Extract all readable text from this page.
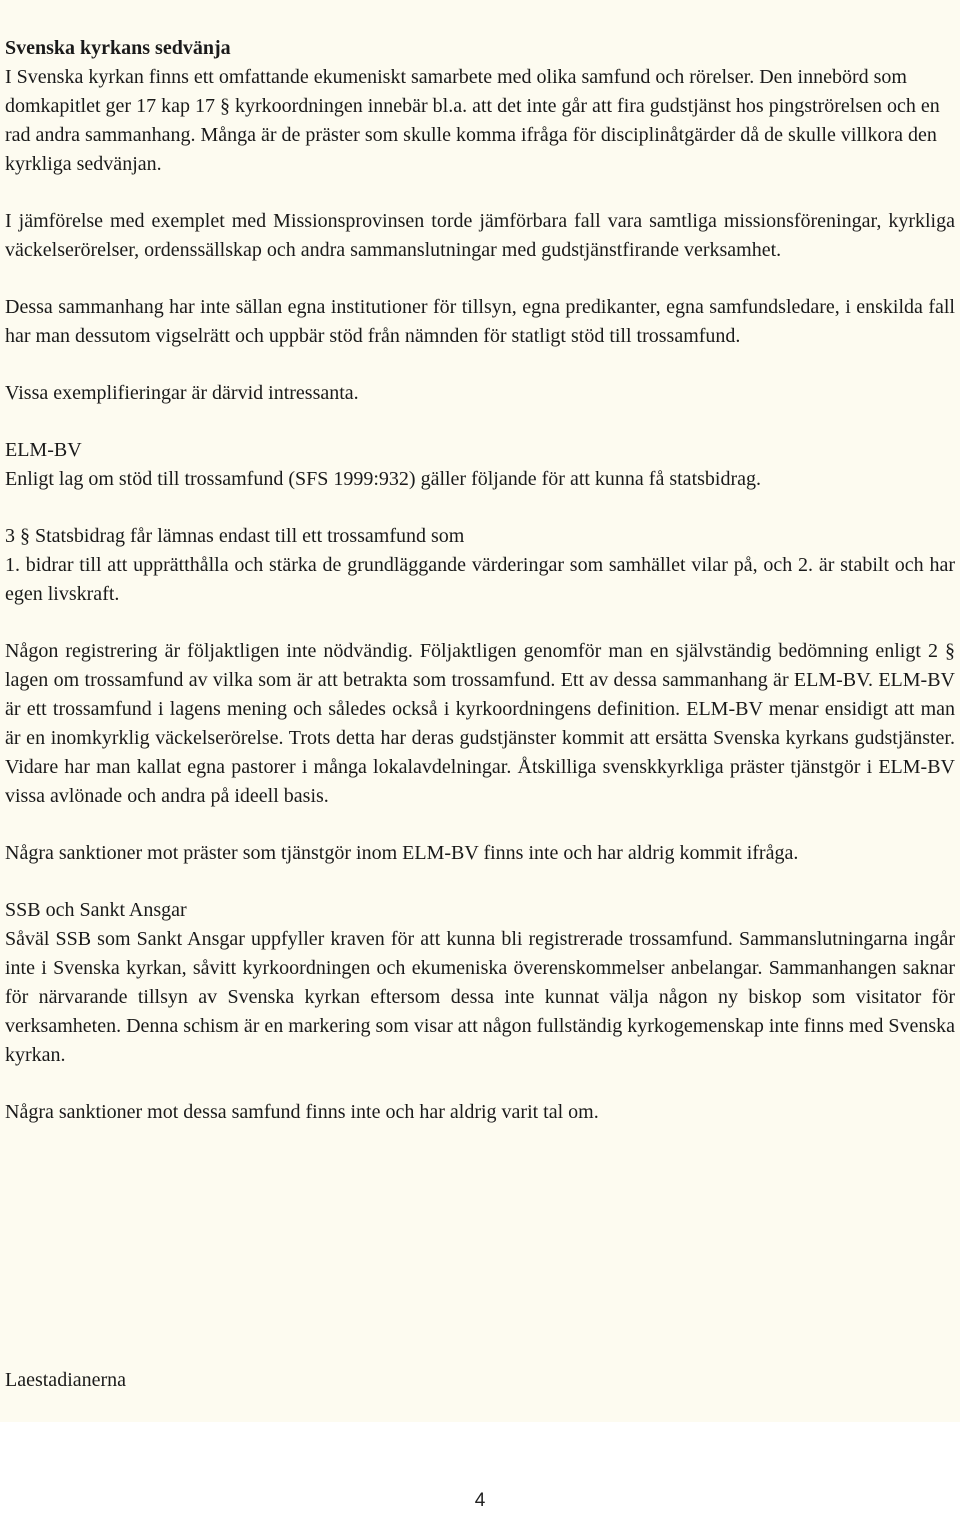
Svenska kyrkans sedvänja
I Svenska kyrkan finns ett omfattande ekumeniskt samarbete med olika samfund och rörelser. Den innebörd som domkapitlet ger 17 kap 17 § kyrkoordningen innebär bl.a. att det inte går att fira gudstjänst hos pingströrelsen och en rad andra sammanhang. Många är de präster som skulle komma ifråga för disciplinåtgärder då de skulle villkora den kyrkliga sedvänjan.

I jämförelse med exemplet med Missionsprovinsen torde jämförbara fall vara samtliga missionsföreningar, kyrkliga väckelserörelser, ordenssällskap och andra sammanslutningar med gudstjänstfirande verksamhet.

Dessa sammanhang har inte sällan egna institutioner för tillsyn, egna predikanter, egna samfundsledare, i enskilda fall har man dessutom vigselrätt och uppbär stöd från nämnden för statligt stöd till trossamfund.

Vissa exemplifieringar är därvid intressanta.

ELM-BV
Enligt lag om stöd till trossamfund (SFS 1999:932) gäller följande för att kunna få statsbidrag.

3 § Statsbidrag får lämnas endast till ett trossamfund som
1. bidrar till att upprätthålla och stärka de grundläggande värderingar som samhället vilar på, och 2. är stabilt och har egen livskraft.

Någon registrering är följaktligen inte nödvändig. Följaktligen genomför man en självständig bedömning enligt 2 § lagen om trossamfund av vilka som är att betrakta som trossamfund. Ett av dessa sammanhang är ELM-BV. ELM-BV är ett trossamfund i lagens mening och således också i kyrkoordningens definition. ELM-BV menar ensidigt att man är en inomkyrklig väckelserörelse. Trots detta har deras gudstjänster kommit att ersätta Svenska kyrkans gudstjänster. Vidare har man kallat egna pastorer i många lokalavdelningar. Åtskilliga svenskkyrkliga präster tjänstgör i ELM-BV vissa avlönade och andra på ideell basis.

Några sanktioner mot präster som tjänstgör inom ELM-BV finns inte och har aldrig kommit ifråga.

SSB och Sankt Ansgar
Såväl SSB som Sankt Ansgar uppfyller kraven för att kunna bli registrerade trossamfund. Sammanslutningarna ingår inte i Svenska kyrkan, såvitt kyrkoordningen och ekumeniska överenskommelser anbelangar. Sammanhangen saknar för närvarande tillsyn av Svenska kyrkan eftersom dessa inte kunnat välja någon ny biskop som visitator för verksamheten. Denna schism är en markering som visar att någon fullständig kyrkogemenskap inte finns med Svenska kyrkan.

Några sanktioner mot dessa samfund finns inte och har aldrig varit tal om.

Laestadianerna
4
